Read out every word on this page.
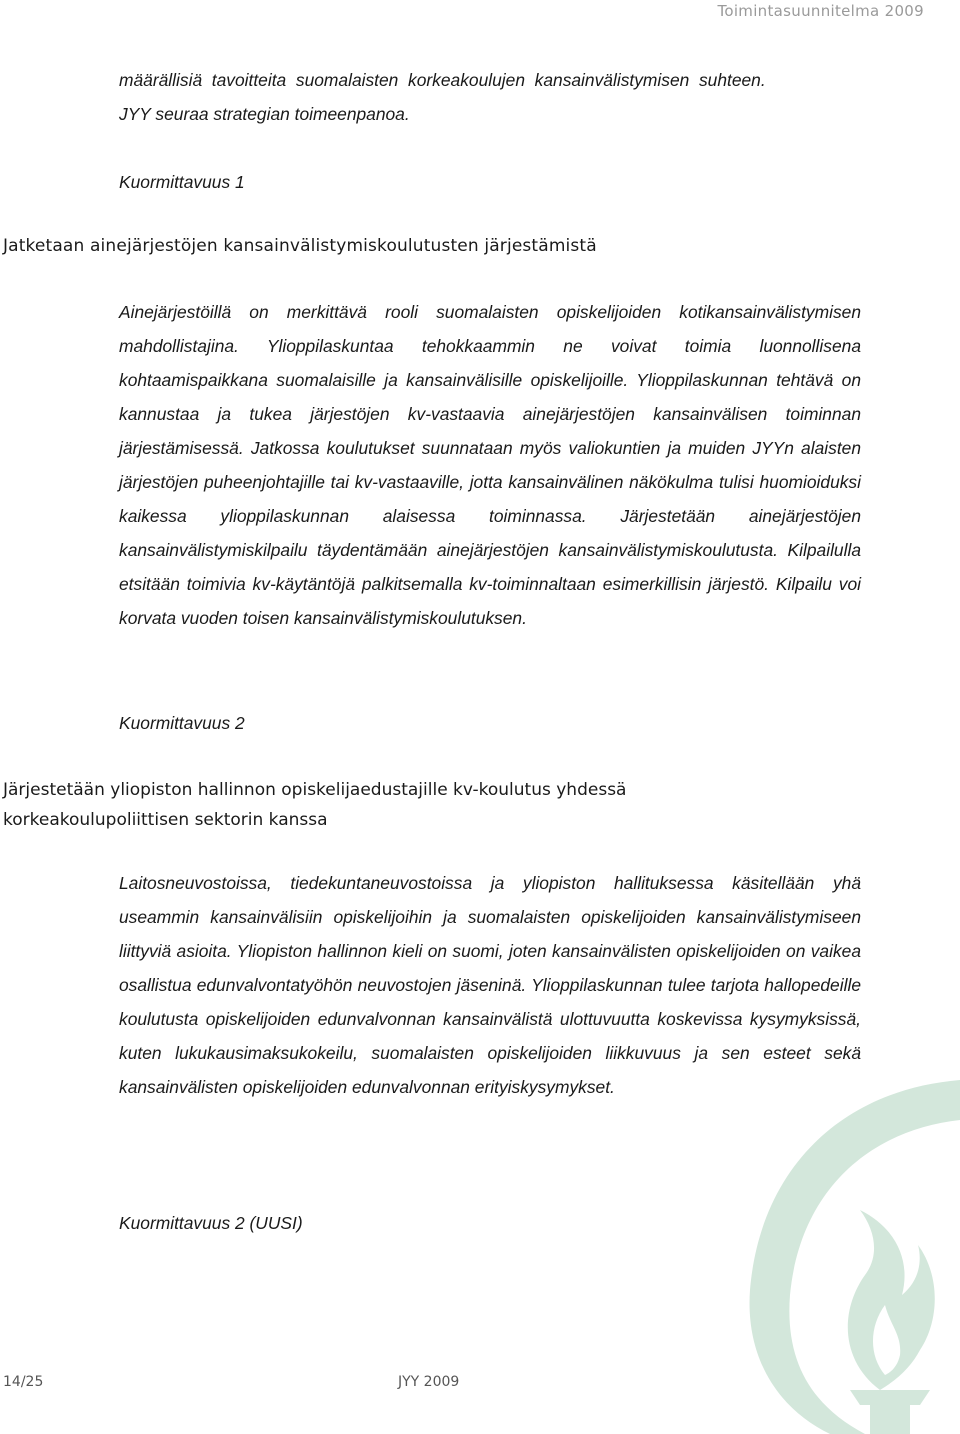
Toimintasuunnitelma 2009
määrällisiä  tavoitteita  suomalaisten  korkeakoulujen  kansainvälistymisen  suhteen.
JYY seuraa strategian toimeenpanoa.
Kuormittavuus 1
Jatketaan ainejärjestöjen kansainvälistymiskoulutusten järjestämistä
Ainejärjestöillä on merkittävä rooli suomalaisten opiskelijoiden kotikansainvälistymisen mahdollistajina. Ylioppilaskuntaa tehokkaammin ne voivat toimia luonnollisena kohtaamispaikkana suomalaisille ja kansainvälisille opiskelijoille. Ylioppilaskunnan tehtävä on kannustaa ja tukea järjestöjen kv-vastaavia ainejärjestöjen kansainvälisen toiminnan järjestämisessä. Jatkossa koulutukset suunnataan myös valiokuntien ja muiden JYYn alaisten järjestöjen puheenjohtajille tai kv-vastaaville, jotta kansainvälinen näkökulma tulisi huomioiduksi kaikessa ylioppilaskunnan alaisessa toiminnassa. Järjestetään ainejärjestöjen kansainvälistymiskilpailu täydentämään ainejärjestöjen kansainvälistymiskoulutusta. Kilpailulla etsitään toimivia kv-käytäntöjä palkitsemalla kv-toiminnaltaan esimerkillisin järjestö. Kilpailu voi korvata vuoden toisen kansainvälistymiskoulutuksen.
Kuormittavuus 2
Järjestetään yliopiston hallinnon opiskelijaedustajille kv-koulutus yhdessä korkeakoulupoliittisen sektorin kanssa
Laitosneuvostoissa, tiedekuntaneuvostoissa ja yliopiston hallituksessa käsitellään yhä useammin kansainvälisiin opiskelijoihin ja suomalaisten opiskelijoiden kansainvälistymiseen liittyviä asioita. Yliopiston hallinnon kieli on suomi, joten kansainvälisten opiskelijoiden on vaikea osallistua edunvalvontatyöhön neuvostojen jäseninä. Ylioppilaskunnan tulee tarjota hallopedeille koulutusta opiskelijoiden edunvalvonnan kansainvälistä ulottuvuutta koskevissa kysymyksissä, kuten lukukausimaksukokeilu, suomalaisten opiskelijoiden liikkuvuus ja sen esteet sekä kansainvälisten opiskelijoiden edunvalvonnan erityiskysymykset.
Kuormittavuus 2 (UUSI)
14/25	JYY 2009
